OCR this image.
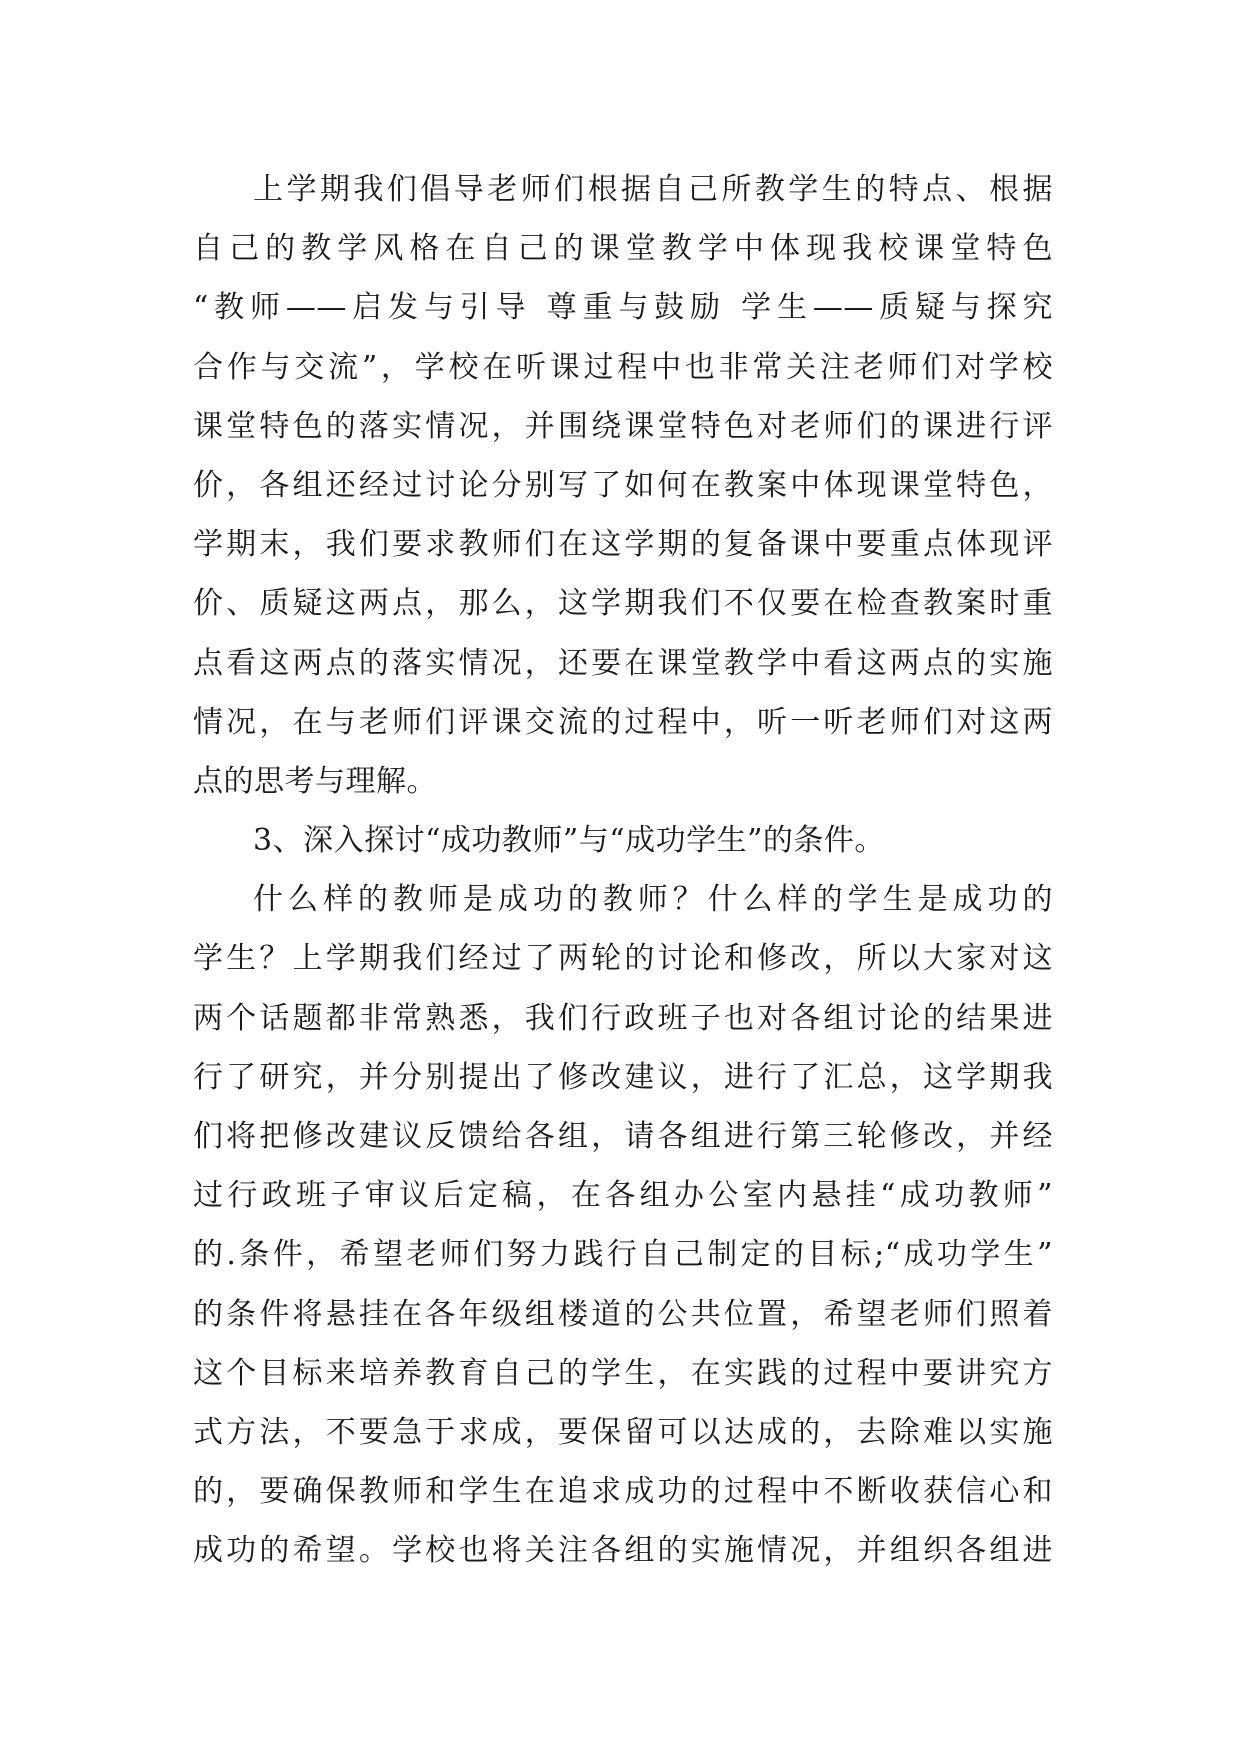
上学期我们倡导老师们根据自己所教学生的特点、根据
自己的教学风格在自己的课堂教学中体现我校课堂特色
“教师——启发与引导 尊重与鼓励 学生——质疑与探究
合作与交流”，学校在听课过程中也非常关注老师们对学校
课堂特色的落实情况，并围绕课堂特色对老师们的课进行评
价，各组还经过讨论分别写了如何在教案中体现课堂特色，
学期末，我们要求教师们在这学期的复备课中要重点体现评
价、质疑这两点，那么，这学期我们不仅要在检查教案时重
点看这两点的落实情况，还要在课堂教学中看这两点的实施
情况，在与老师们评课交流的过程中，听一听老师们对这两
点的思考与理解。
3、深入探讨“成功教师”与“成功学生”的条件。
什么样的教师是成功的教师？什么样的学生是成功的
学生？上学期我们经过了两轮的讨论和修改，所以大家对这
两个话题都非常熟悉，我们行政班子也对各组讨论的结果进
行了研究，并分别提出了修改建议，进行了汇总，这学期我
们将把修改建议反馈给各组，请各组进行第三轮修改，并经
过行政班子审议后定稿，在各组办公室内悬挂“成功教师”
的.条件，希望老师们努力践行自己制定的目标;“成功学生”
的条件将悬挂在各年级组楼道的公共位置，希望老师们照着
这个目标来培养教育自己的学生，在实践的过程中要讲究方
式方法，不要急于求成，要保留可以达成的，去除难以实施
的，要确保教师和学生在追求成功的过程中不断收获信心和
成功的希望。学校也将关注各组的实施情况，并组织各组进
